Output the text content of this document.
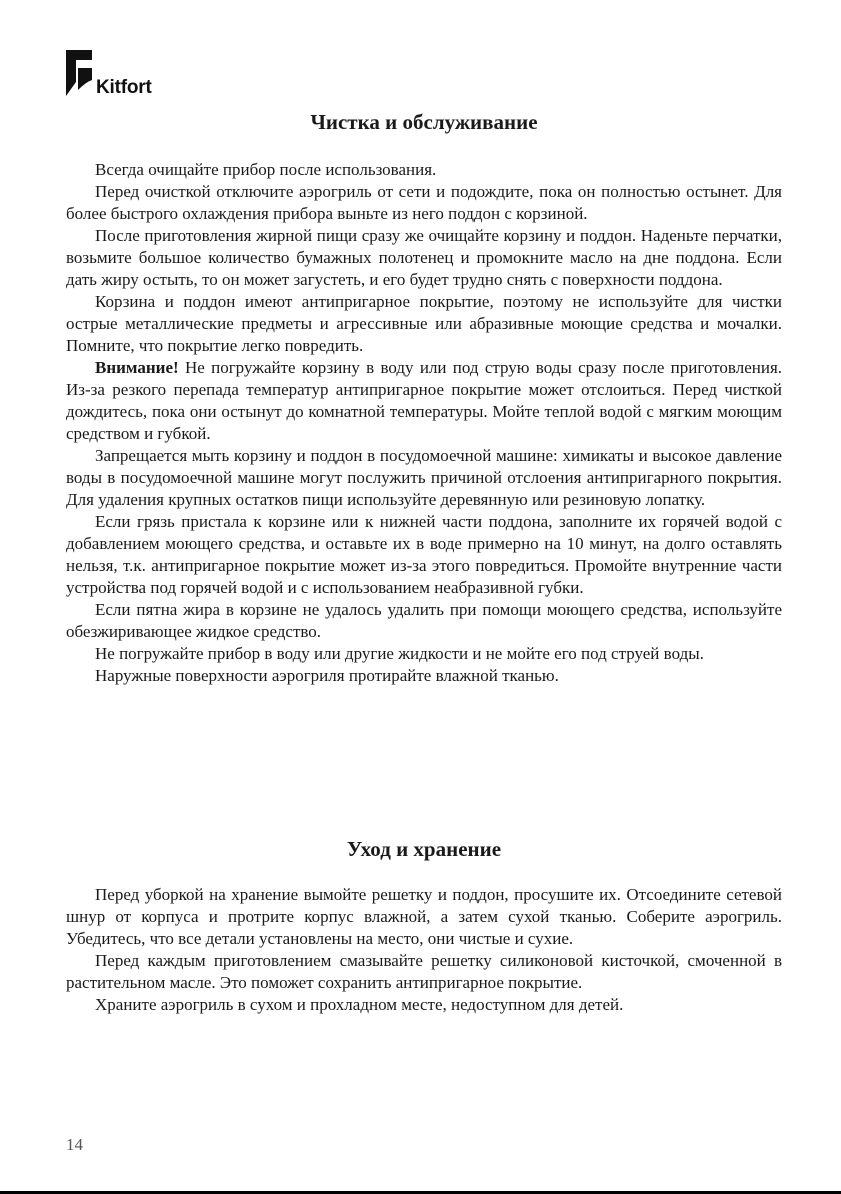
Kitfort
Чистка и обслуживание

Всегда очищайте прибор после использования.

Перед очисткой отключите аэрогриль от сети и подождите, пока он полностью остынет. Для более быстрого охлаждения прибора выньте из него поддон с корзиной.

После приготовления жирной пищи сразу же очищайте корзину и поддон. Наденьте перчатки, возьмите большое количество бумажных полотенец и промокните масло на дне поддона. Если дать жиру остыть, то он может загустеть, и его будет трудно снять с поверхности поддона.

Корзина и поддон имеют антипригарное покрытие, поэтому не используйте для чистки острые металлические предметы и агрессивные или абразивные моющие средства и мочалки. Помните, что покрытие легко повредить.

Внимание! Не погружайте корзину в воду или под струю воды сразу после приготовления. Из-за резкого перепада температур антипригарное покрытие может отслоиться. Перед чисткой дождитесь, пока они остынут до комнатной температуры. Мойте теплой водой с мягким моющим средством и губкой.

Запрещается мыть корзину и поддон в посудомоечной машине: химикаты и высокое давление воды в посудомоечной машине могут послужить причиной отслоения антипригарного покрытия. Для удаления крупных остатков пищи используйте деревянную или резиновую лопатку.

Если грязь пристала к корзине или к нижней части поддона, заполните их горячей водой с добавлением моющего средства, и оставьте их в воде примерно на 10 минут, на долго оставлять нельзя, т.к. антипригарное покрытие может из-за этого повредиться. Промойте внутренние части устройства под горячей водой и с использованием неабразивной губки.

Если пятна жира в корзине не удалось удалить при помощи моющего средства, используйте обезжиривающее жидкое средство.

Не погружайте прибор в воду или другие жидкости и не мойте его под струей воды.

Наружные поверхности аэрогриля протирайте влажной тканью.

Уход и хранение

Перед уборкой на хранение вымойте решетку и поддон, просушите их. Отсоедините сетевой шнур от корпуса и протрите корпус влажной, а затем сухой тканью. Соберите аэрогриль. Убедитесь, что все детали установлены на место, они чистые и сухие.

Перед каждым приготовлением смазывайте решетку силиконовой кисточкой, смоченной в растительном масле. Это поможет сохранить антипригарное покрытие.

Храните аэрогриль в сухом и прохладном месте, недоступном для детей.

14
